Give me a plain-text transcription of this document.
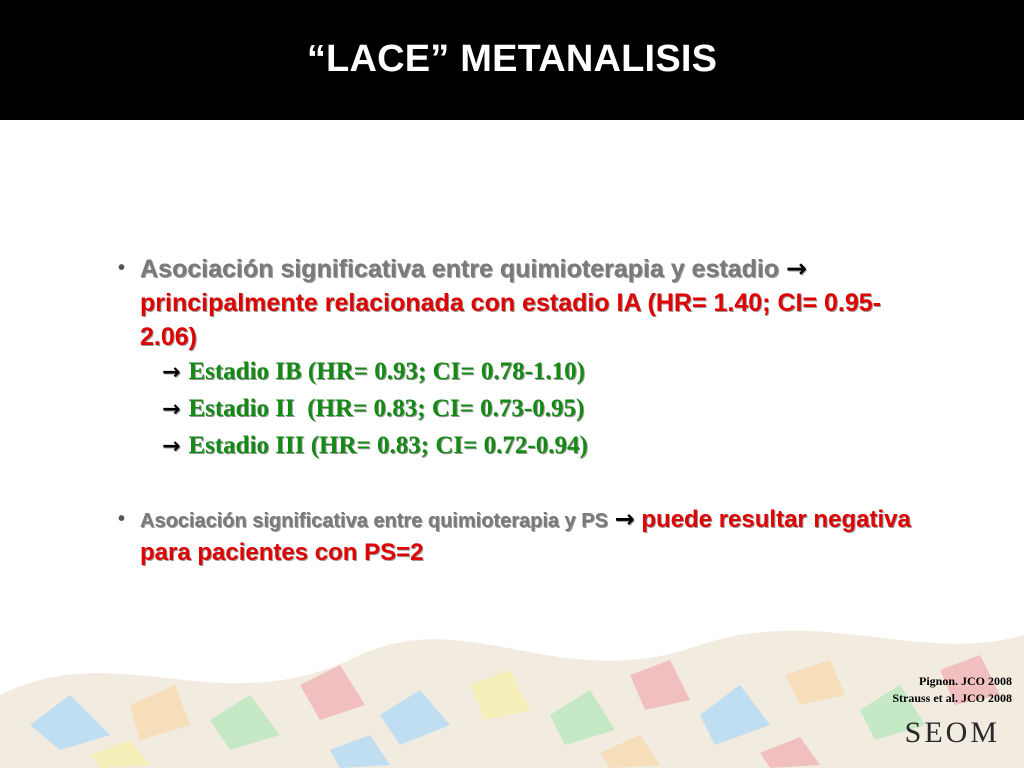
“LACE” METANALISIS
• Asociación significativa entre quimioterapia y estadio → principalmente relacionada con estadio IA (HR= 1.40; CI= 0.95-2.06)
→ Estadio IB (HR= 0.93; CI= 0.78-1.10)
→ Estadio II  (HR= 0.83; CI= 0.73-0.95)
→ Estadio III (HR= 0.83; CI= 0.72-0.94)
• Asociación significativa entre quimioterapia y PS → puede resultar negativa para pacientes con PS=2
Pignon. JCO 2008
Strauss et al. JCO 2008
SEOM
